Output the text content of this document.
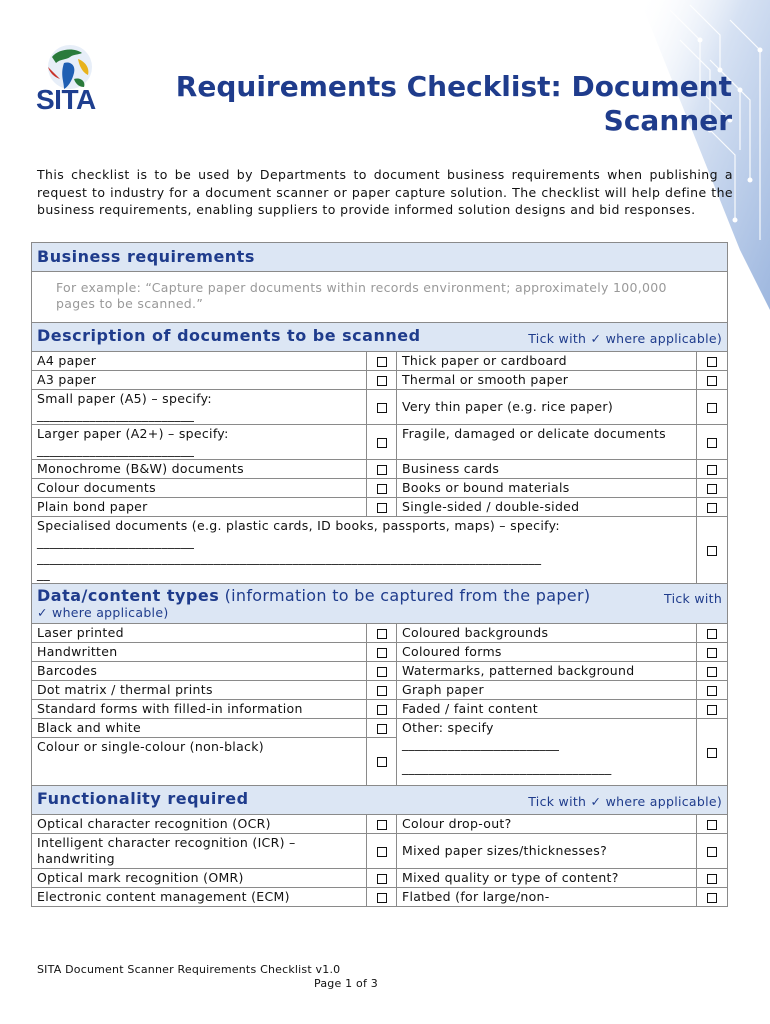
SITA	Requirements Checklist: Document Scanner

This checklist is to be used by Departments to document business requirements when publishing a request to industry for a document scanner or paper capture solution. The checklist will help define the business requirements, enabling suppliers to provide informed solution designs and bid responses.

Business requirements			
For example: “Capture paper documents within records environment; approximately 100,000 pages to be scanned.”			
Description of documents to be scanned Tick with ✓ where applicable)			

A4 paper		Thick paper or cardboard	
A3 paper		Thermal or smooth paper	
Small paper (A5) – specify:
________________________		Very thin paper (e.g. rice paper)	
Larger paper (A2+) – specify:
________________________		Fragile, damaged or delicate documents	
Monochrome (B&W) documents		Business cards	
Colour documents		Books or bound materials	
Plain bond paper		Single-sided / double-sided	
Specialised documents (e.g. plastic cards, ID books, passports, maps) – specify:
________________________
_____________________________________________________________________________
__			

Data/content types (information to be captured from the paper) Tick with
✓ where applicable)			

Laser printed		Coloured backgrounds	
Handwritten		Coloured forms	
Barcodes		Watermarks, patterned background	
Dot matrix / thermal prints		Graph paper	
Standard forms with filled-in information		Faded / faint content	
Black and white		Other: specify
________________________
________________________________	

Colour or single-colour (non-black)			
Functionality required Tick with ✓ where applicable)			

Optical character recognition (OCR)		Colour drop-out?	
Intelligent character recognition (ICR) – handwriting		Mixed paper sizes/thicknesses?	
Optical mark recognition (OMR)		Mixed quality or type of content?	
Electronic content management (ECM)		Flatbed (for large/non-	
SITA Document Scanner Requirements Checklist v1.0
Page 1 of 3
